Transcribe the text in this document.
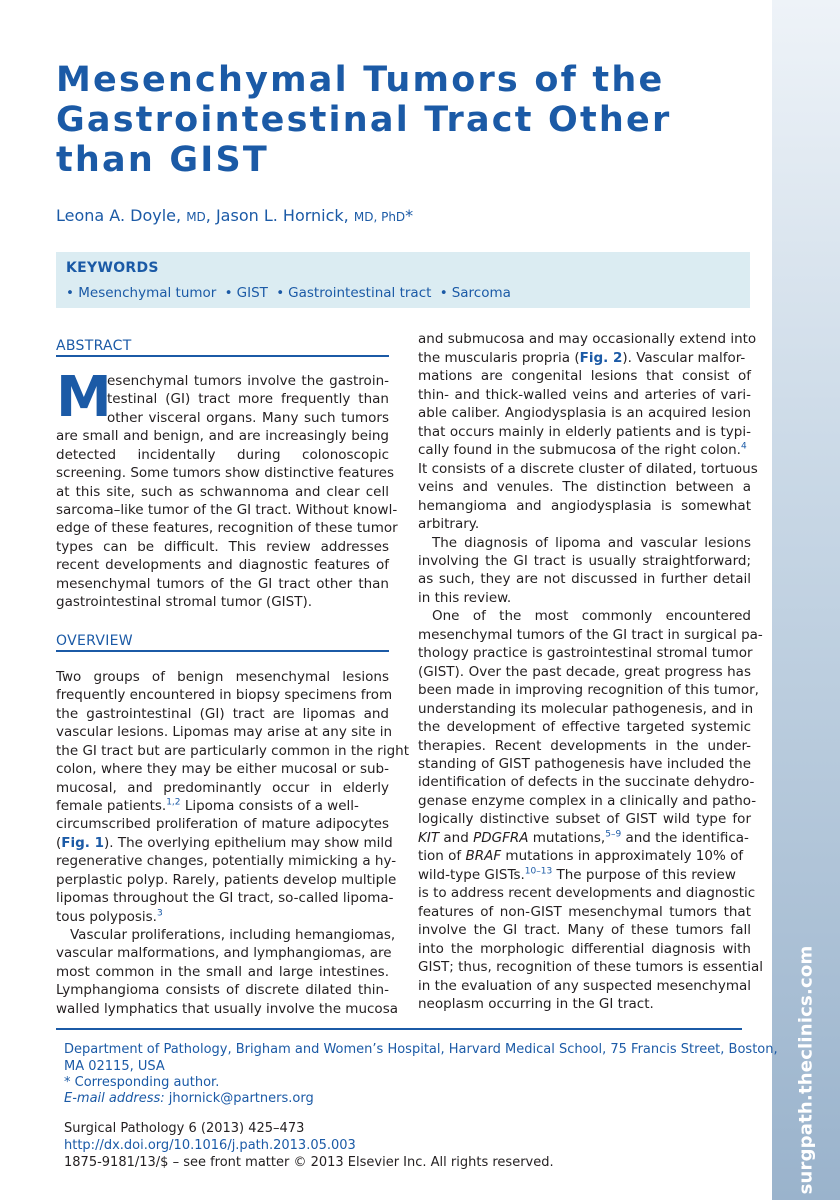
surgpath.theclinics.com
Mesenchymal Tumors of the
Gastrointestinal Tract Other
than GIST
Leona A. Doyle, MD, Jason L. Hornick, MD, PhD*
KEYWORDS
• Mesenchymal tumor • GIST • Gastrointestinal tract • Sarcoma
ABSTRACT
M
esenchymal tumors involve the gastroin-
testinal (GI) tract more frequently than
other visceral organs. Many such tumors
are small and benign, and are increasingly being
detected incidentally during colonoscopic
screening. Some tumors show distinctive features
at this site, such as schwannoma and clear cell
sarcoma–like tumor of the GI tract. Without knowl-
edge of these features, recognition of these tumor
types can be difficult. This review addresses
recent developments and diagnostic features of
mesenchymal tumors of the GI tract other than
gastrointestinal stromal tumor (GIST).
OVERVIEW
Two groups of benign mesenchymal lesions
frequently encountered in biopsy specimens from
the gastrointestinal (GI) tract are lipomas and
vascular lesions. Lipomas may arise at any site in
the GI tract but are particularly common in the right
colon, where they may be either mucosal or sub-
mucosal, and predominantly occur in elderly
female patients.$^{1,2}$ Lipoma consists of a well-
circumscribed proliferation of mature adipocytes
(Fig. 1). The overlying epithelium may show mild
regenerative changes, potentially mimicking a hy-
perplastic polyp. Rarely, patients develop multiple
lipomas throughout the GI tract, so-called lipoma-
tous polyposis.$^3$
Vascular proliferations, including hemangiomas,
vascular malformations, and lymphangiomas, are
most common in the small and large intestines.
Lymphangioma consists of discrete dilated thin-
walled lymphatics that usually involve the mucosa
and submucosa and may occasionally extend into
the muscularis propria (Fig. 2). Vascular malfor-
mations are congenital lesions that consist of
thin- and thick-walled veins and arteries of vari-
able caliber. Angiodysplasia is an acquired lesion
that occurs mainly in elderly patients and is typi-
cally found in the submucosa of the right colon.$^4$
It consists of a discrete cluster of dilated, tortuous
veins and venules. The distinction between a
hemangioma and angiodysplasia is somewhat
arbitrary.
The diagnosis of lipoma and vascular lesions
involving the GI tract is usually straightforward;
as such, they are not discussed in further detail
in this review.
One of the most commonly encountered
mesenchymal tumors of the GI tract in surgical pa-
thology practice is gastrointestinal stromal tumor
(GIST). Over the past decade, great progress has
been made in improving recognition of this tumor,
understanding its molecular pathogenesis, and in
the development of effective targeted systemic
therapies. Recent developments in the under-
standing of GIST pathogenesis have included the
identification of defects in the succinate dehydro-
genase enzyme complex in a clinically and patho-
logically distinctive subset of GIST wild type for
KIT and PDGFRA mutations,$^{5-9}$ and the identifica-
tion of BRAF mutations in approximately 10% of
wild-type GISTs.$^{10-13}$ The purpose of this review
is to address recent developments and diagnostic
features of non-GIST mesenchymal tumors that
involve the GI tract. Many of these tumors fall
into the morphologic differential diagnosis with
GIST; thus, recognition of these tumors is essential
in the evaluation of any suspected mesenchymal
neoplasm occurring in the GI tract.
Department of Pathology, Brigham and Women’s Hospital, Harvard Medical School, 75 Francis Street, Boston,
MA 02115, USA
* Corresponding author.
E-mail address: jhornick@partners.org
Surgical Pathology 6 (2013) 425–473
http://dx.doi.org/10.1016/j.path.2013.05.003
1875-9181/13/$ – see front matter © 2013 Elsevier Inc. All rights reserved.
